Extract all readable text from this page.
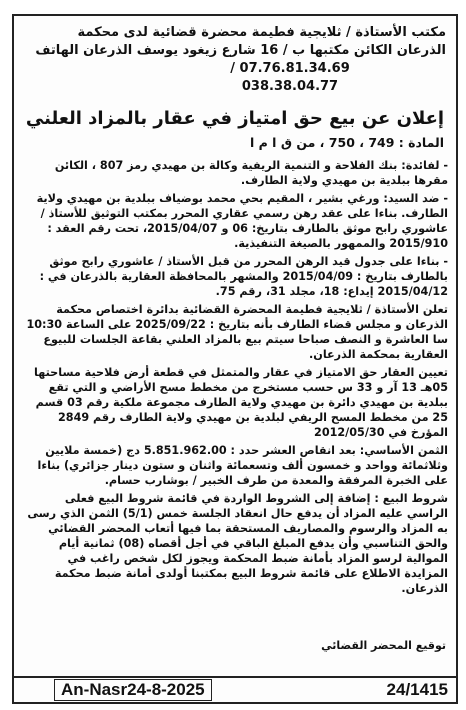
مكتب الأستاذة / ثلايجية فطيمة محضرة قضائية لدى محكمة
الذرعان الكائن مكتبها ب / 16 شارع زيغود يوسف الذرعان الهاتف
07.76.81.34.69 /
038.38.04.77
إعلان عن بيع حق امتياز في عقار بالمزاد العلني
المادة : 749 ، 750 ، من ق ا م ا

- لفائدة: بنك الفلاحة و التنمية الريفية وكالة بن مهيدي رمز 807 ، الكائن مقرها ببلدية بن مهيدي ولاية الطارف.

- ضد السيد: ورغي بشير ، المقيم بحي محمد بوضياف ببلدية بن مهيدي ولاية الطارف. بناءا على عقد رهن رسمي عقاري المحرر بمكتب التوثيق للأستاذ / عاشوري رابح موثق بالطارف بتاريخ: 06 و 2015/04/07، تحت رقم العقد : 2015/910 والممهور بالصيغة التنفيذية.

- بناءا على جدول قيد الرهن المحرر من قبل الأستاذ / عاشوري رابح موثق بالطارف بتاريخ : 2015/04/09 والمشهر بالمحافظة العقارية بالذرعان في : 2015/04/12 إيداع: 18، مجلد 31، رقم 75.

تعلن الأستاذة / ثلايجية فطيمة المحضرة القضائية بدائرة اختصاص محكمة الذرعان و مجلس قضاء الطارف بأنه بتاريخ : 2025/09/22 على الساعة 10:30 سا العاشرة و النصف صباحا سيتم بيع بالمزاد العلني بقاعة الجلسات للبيوع العقارية بمحكمة الذرعان.

تعيين العقار حق الامتياز في عقار والمتمثل في قطعة أرض فلاحية مساحتها 05هـ 13 آر و 33 س حسب مستخرج من مخطط مسح الأراضي و التي تقع ببلدية بن مهيدي دائرة بن مهيدي ولاية الطارف مجموعة ملكية رقم 03 قسم 25 من مخطط المسح الريفي لبلدية بن مهيدي ولاية الطارف رقم 2849 المؤرخ في 2012/05/30

الثمن الأساسي: بعد انقاص العشر حدد : 5.851.962.00 دج (خمسة ملايين وثلاثمائة وواحد و خمسون ألف وتسعمائة واثنان و ستون دينار جزائري) بناءا على الخبرة المرفقة والمعدة من طرف الخبير / بوشارب حسام.

شروط البيع : إضافة إلى الشروط الواردة في قائمة شروط البيع فعلى الراسي عليه المزاد أن يدفع حال انعقاد الجلسة خمس (5/1) الثمن الذي رسى به المزاد والرسوم والمصاريف المستحقة بما فيها أتعاب المحضر القضائي والحق التناسبي وأن يدفع المبلغ الباقي في أجل أقصاه (08) ثمانية أيام الموالية لرسو المزاد بأمانة ضبط المحكمة ويجوز لكل شخص راغب في المزايدة الاطلاع على قائمة شروط البيع بمكتبنا أولدى أمانة ضبط محكمة الذرعان.

توقيع المحضر القضائي
An-Nasr24-8-2025	24/1415
